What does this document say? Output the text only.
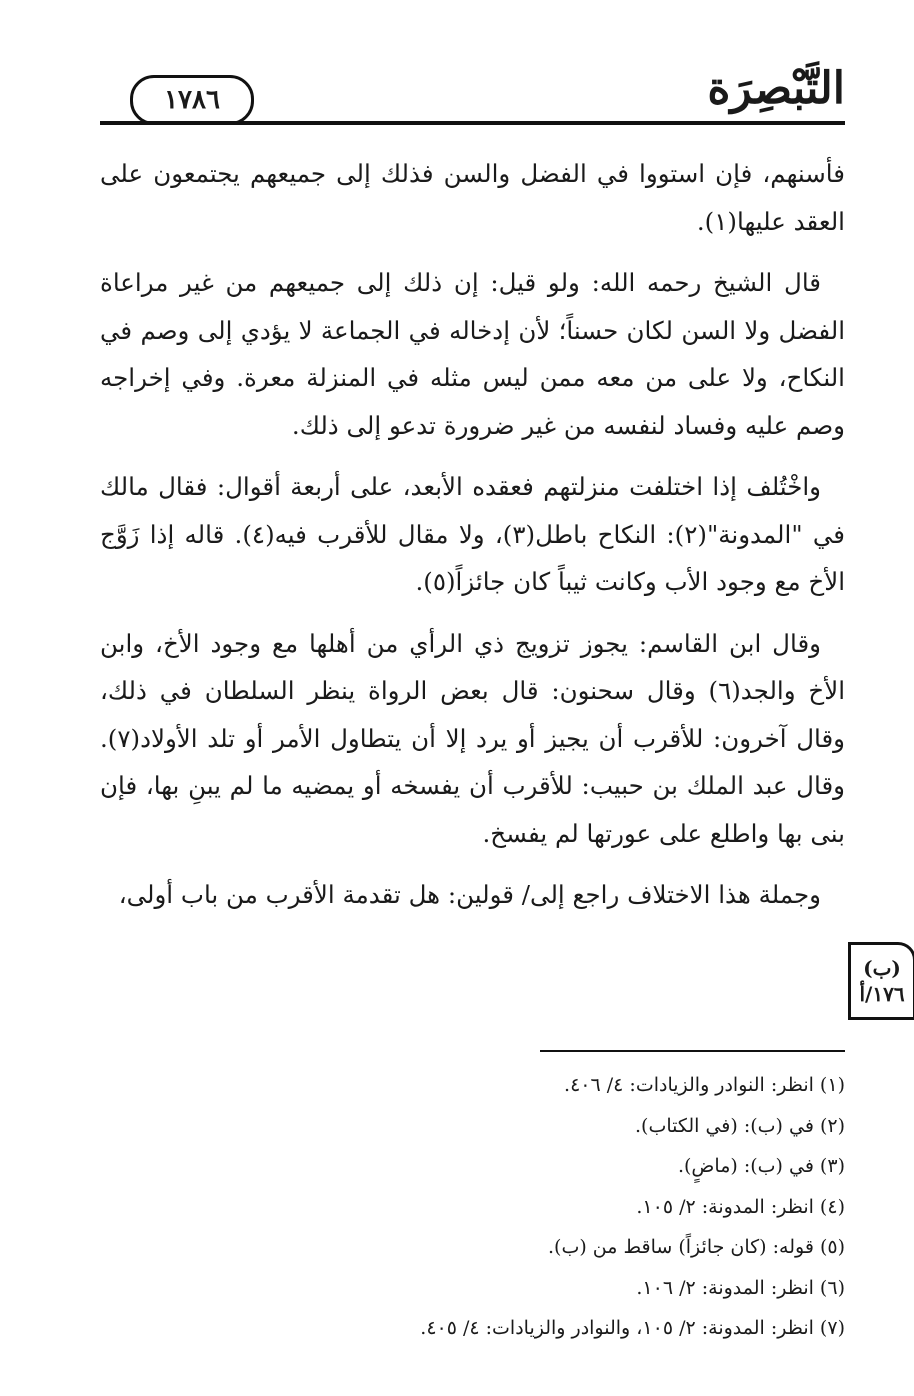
١٧٨٦	التَّبْصِرَة

فأسنهم، فإن استووا في الفضل والسن فذلك إلى جميعهم يجتمعون على العقد عليها(١).

قال الشيخ رحمه الله: ولو قيل: إن ذلك إلى جميعهم من غير مراعاة الفضل ولا السن لكان حسناً؛ لأن إدخاله في الجماعة لا يؤدي إلى وصم في النكاح، ولا على من معه ممن ليس مثله في المنزلة معرة. وفي إخراجه وصم عليه وفساد لنفسه من غير ضرورة تدعو إلى ذلك.

واخْتُلف إذا اختلفت منزلتهم فعقده الأبعد، على أربعة أقوال: فقال مالك في "المدونة"(٢): النكاح باطل(٣)، ولا مقال للأقرب فيه(٤). قاله إذا زَوَّج الأخ مع وجود الأب وكانت ثيباً كان جائزاً(٥).

وقال ابن القاسم: يجوز تزويج ذي الرأي من أهلها مع وجود الأخ، وابن الأخ والجد(٦) وقال سحنون: قال بعض الرواة ينظر السلطان في ذلك، وقال آخرون: للأقرب أن يجيز أو يرد إلا أن يتطاول الأمر أو تلد الأولاد(٧). وقال عبد الملك بن حبيب: للأقرب أن يفسخه أو يمضيه ما لم يبنِ بها، فإن بنى بها واطلع على عورتها لم يفسخ.

وجملة هذا الاختلاف راجع إلى/ قولين: هل تقدمة الأقرب من باب أولى،

(ب)
١٧٦/أ
(١) انظر: النوادر والزيادات: ٤/ ٤٠٦.
(٢) في (ب): (في الكتاب).
(٣) في (ب): (ماضٍ).
(٤) انظر: المدونة: ٢/ ١٠٥.
(٥) قوله: (كان جائزاً) ساقط من (ب).
(٦) انظر: المدونة: ٢/ ١٠٦.
(٧) انظر: المدونة: ٢/ ١٠٥، والنوادر والزيادات: ٤/ ٤٠٥.
